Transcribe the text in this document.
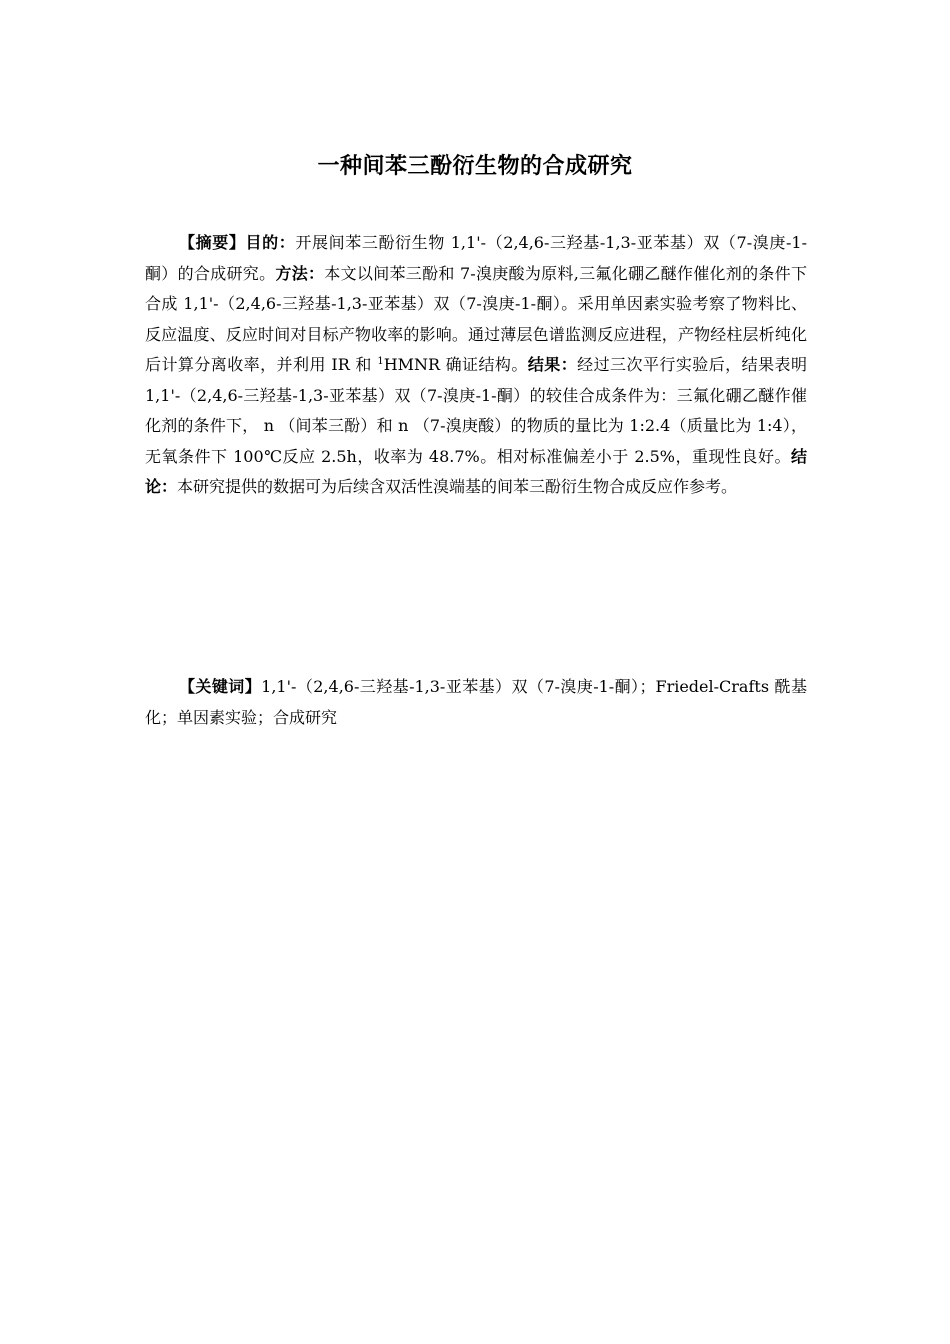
一种间苯三酚衍生物的合成研究

【摘要】目的：开展间苯三酚衍生物 1,1'-（2,4,6-三羟基-1,3-亚苯基）双（7-溴庚-1-酮）的合成研究。方法：本文以间苯三酚和 7-溴庚酸为原料,三氟化硼乙醚作催化剂的条件下合成 1,1'-（2,4,6-三羟基-1,3-亚苯基）双（7-溴庚-1-酮）。采用单因素实验考察了物料比、反应温度、反应时间对目标产物收率的影响。通过薄层色谱监测反应进程，产物经柱层析纯化后计算分离收率，并利用 IR 和 $^1$HMNR 确证结构。结果：经过三次平行实验后，结果表明 1,1'-（2,4,6-三羟基-1,3-亚苯基）双（7-溴庚-1-酮）的较佳合成条件为：三氟化硼乙醚作催化剂的条件下， n （间苯三酚）和 n （7-溴庚酸）的物质的量比为 1:2.4（质量比为 1:4），无氧条件下 100℃反应 2.5h，收率为 48.7%。相对标准偏差小于 2.5%，重现性良好。结论：本研究提供的数据可为后续含双活性溴端基的间苯三酚衍生物合成反应作参考。

【关键词】1,1'-（2,4,6-三羟基-1,3-亚苯基）双（7-溴庚-1-酮）；Friedel-Crafts 酰基化；单因素实验；合成研究
